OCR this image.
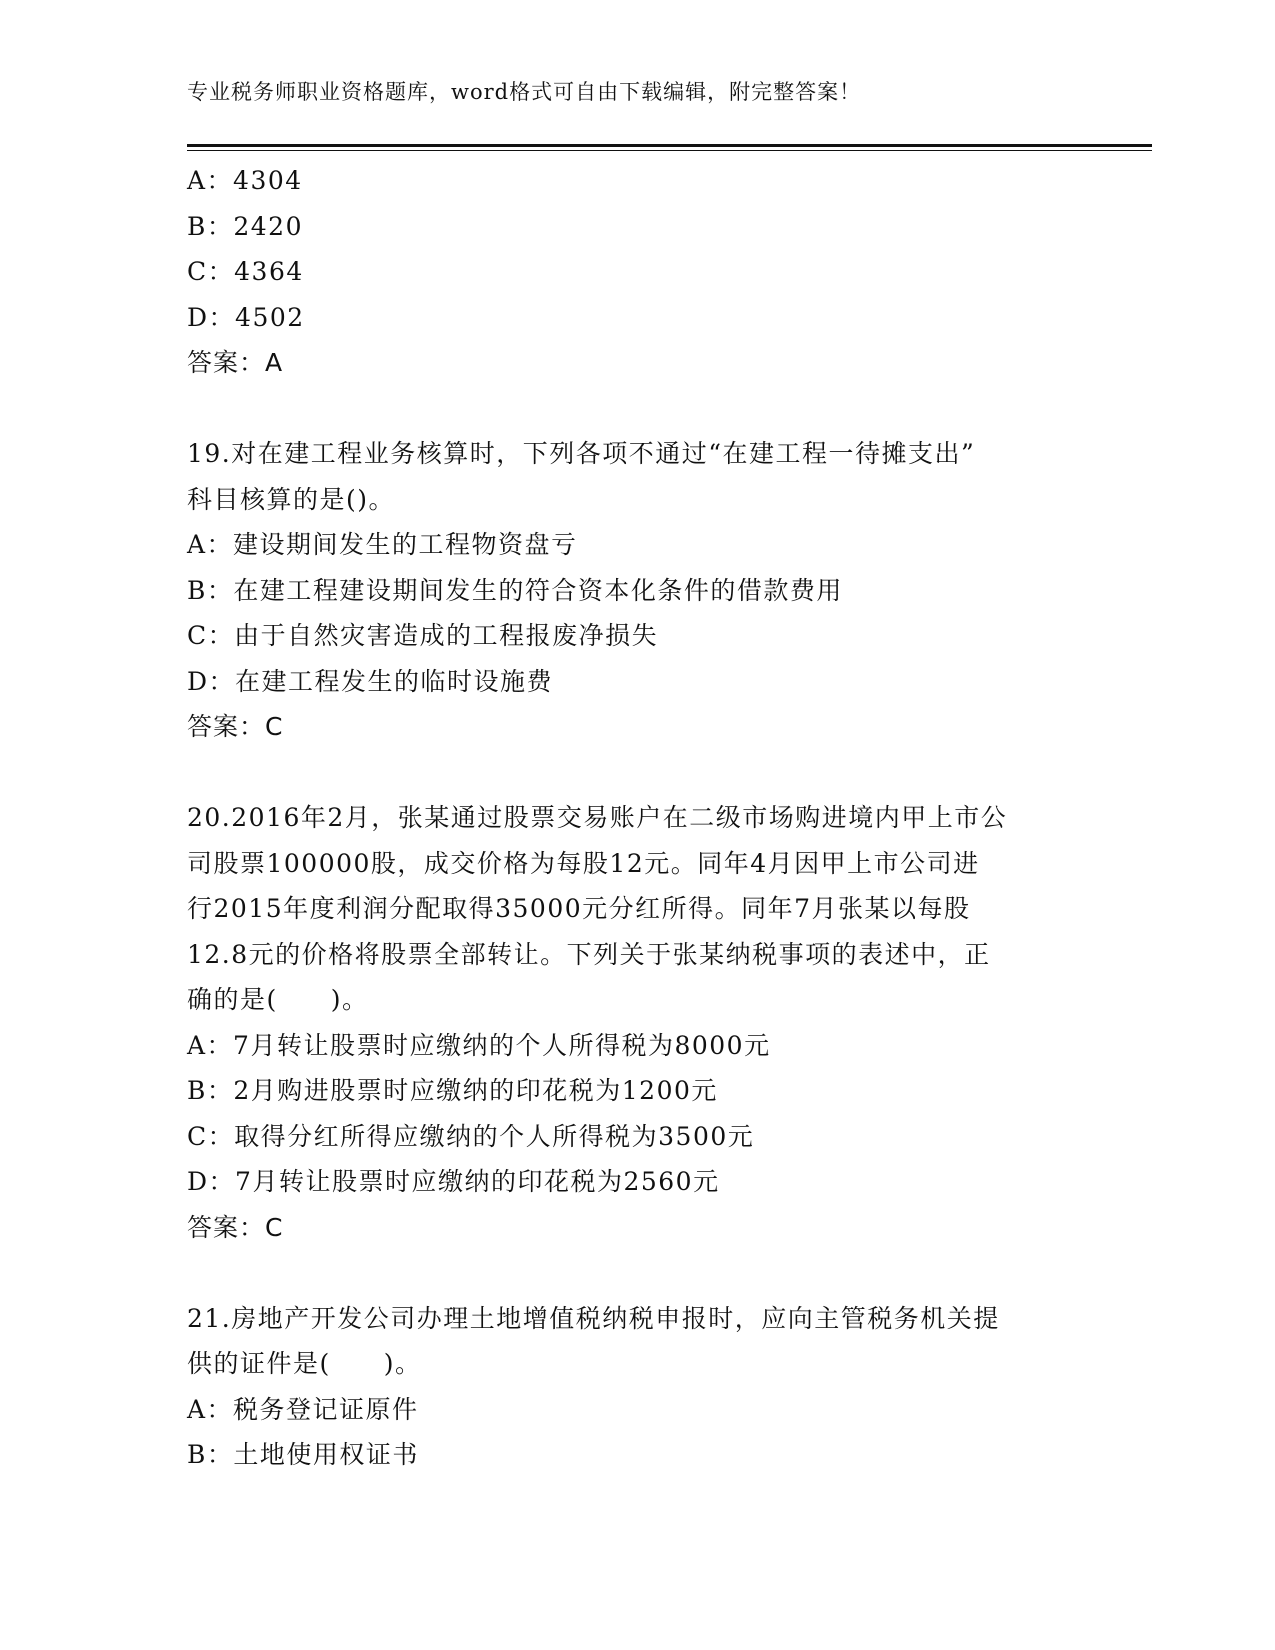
专业税务师职业资格题库，word格式可自由下载编辑，附完整答案！
A：4304
B：2420
C：4364
D：4502
答案：A
19.对在建工程业务核算时，下列各项不通过“在建工程一待摊支出”
科目核算的是()。
A：建设期间发生的工程物资盘亏
B：在建工程建设期间发生的符合资本化条件的借款费用
C：由于自然灾害造成的工程报废净损失
D：在建工程发生的临时设施费
答案：C
20.2016年2月，张某通过股票交易账户在二级市场购进境内甲上市公
司股票100000股，成交价格为每股12元。同年4月因甲上市公司进
行2015年度利润分配取得35000元分红所得。同年7月张某以每股
12.8元的价格将股票全部转让。下列关于张某纳税事项的表述中，正
确的是(　　)。
A：7月转让股票时应缴纳的个人所得税为8000元
B：2月购进股票时应缴纳的印花税为1200元
C：取得分红所得应缴纳的个人所得税为3500元
D：7月转让股票时应缴纳的印花税为2560元
答案：C
21.房地产开发公司办理土地增值税纳税申报时，应向主管税务机关提
供的证件是(　　)。
A：税务登记证原件
B：土地使用权证书
